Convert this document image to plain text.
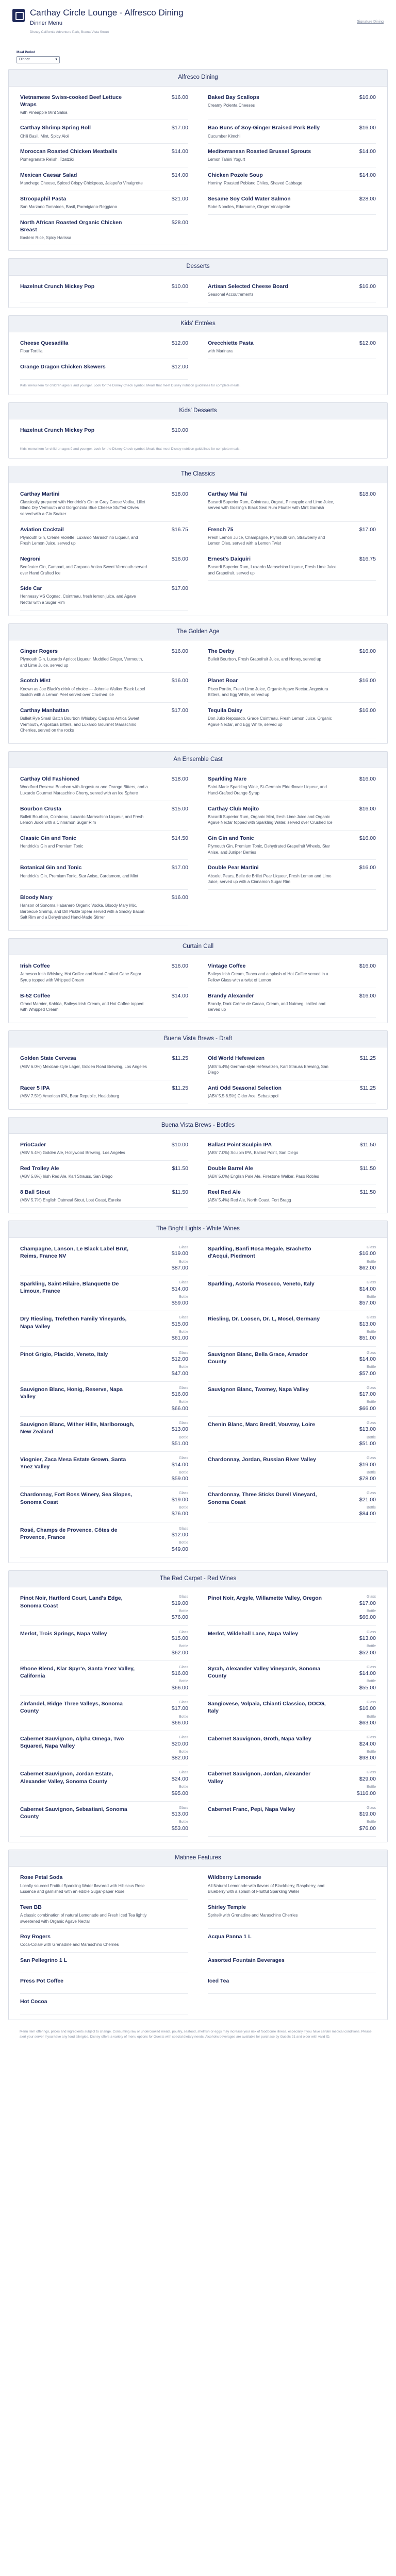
Carthay Circle Lounge - Alfresco Dining
Dinner Menu
Disney California Adventure Park, Buena Vista Street
Signature Dining
Meal Period
Dinner	▾
Alfresco Dining
Vietnamese Swiss-cooked Beef Lettuce Wraps
$16.00
with Pineapple Mint Salsa
Baked Bay Scallops	$16.00
Creamy Polenta Cheeses
Carthay Shrimp Spring Roll	$17.00
Chili Basil, Mint, Spicy Aioli
Bao Buns of Soy-Ginger Braised Pork Belly	$16.00
Cucumber Kimchi
Moroccan Roasted Chicken Meatballs	$14.00
Pomegranate Relish, Tzatziki
Mediterranean Roasted Brussel Sprouts	$14.00
Lemon Tahini Yogurt
Mexican Caesar Salad	$14.00
Manchego Cheese, Spiced Crispy Chickpeas, Jalapeño Vinaigrette
Chicken Pozole Soup	$14.00
Hominy, Roasted Poblano Chiles, Shaved Cabbage
Stroopaphil Pasta	$21.00
San Marzano Tomatoes, Basil, Parmigiano-Reggiano
Sesame Soy Cold Water Salmon	$28.00
Sobe Noodles, Edamame, Ginger Vinaigrette
North African Roasted Organic Chicken Breast
$28.00
Eastern Rice, Spicy Harissa
Desserts
Hazelnut Crunch Mickey Pop	$10.00	Artisan Selected Cheese Board	$16.00
Seasonal Accoutrements
Kids' Entrées
Cheese Quesadilla	$12.00
Flour Tortilla
Orecchiette Pasta	$12.00
with Marinara
Orange Dragon Chicken Skewers	$12.00
Kids' menu item for children ages 9 and younger. Look for the Disney Check symbol. Meals that meet Disney nutrition guidelines for complete meals.
Kids' Desserts
Hazelnut Crunch Mickey Pop	$10.00
Kids' menu item for children ages 9 and younger. Look for the Disney Check symbol. Meals that meet Disney nutrition guidelines for complete meals.
The Classics
Carthay Martini	$18.00
Classically prepared with Hendrick's Gin or Grey Goose Vodka, Lillet Blanc Dry Vermouth and Gorgonzola Blue Cheese Stuffed Olives served with a Gin Soaker
Carthay Mai Tai	$18.00
Bacardi Superior Rum, Cointreau, Orgeat, Pineapple and Lime Juice, served with Gosling's Black Seal Rum Floater with Mint Garnish
Aviation Cocktail	$16.75
Plymouth Gin, Crème Violette, Luxardo Maraschino Liqueur, and Fresh Lemon Juice, served up
French 75	$17.00
Fresh Lemon Juice, Champagne, Plymouth Gin, Strawberry and Lemon Oleo, served with a Lemon Twist
Negroni	$16.00
Beefeater Gin, Campari, and Carpano Antica Sweet Vermouth served over Hand Crafted Ice
Ernest's Daiquiri	$16.75
Bacardi Superior Rum, Luxardo Maraschino Liqueur, Fresh Lime Juice and Grapefruit, served up
Side Car	$17.00
Hennessy VS Cognac, Cointreau, fresh lemon juice, and Agave Nectar with a Sugar Rim
The Golden Age
Ginger Rogers	$16.00
Plymouth Gin, Luxardo Apricot Liqueur, Muddled Ginger, Vermouth, and Lime Juice, served up
The Derby	$16.00
Bulleit Bourbon, Fresh Grapefruit Juice, and Honey, served up
Scotch Mist	$16.00
Known as Joe Black's drink of choice — Johnnie Walker Black Label Scotch with a Lemon Peel served over Crushed Ice
Planet Roar	$16.00
Pisco Portón, Fresh Lime Juice, Organic Agave Nectar, Angostura Bitters, and Egg White, served up
Carthay Manhattan	$17.00
Bulleit Rye Small Batch Bourbon Whiskey, Carpano Antica Sweet Vermouth, Angostura Bitters, and Luxardo Gourmet Maraschino Cherries, served on the rocks
Tequila Daisy	$16.00
Don Julio Reposado, Grade Cointreau, Fresh Lemon Juice, Organic Agave Nectar, and Egg White, served up
An Ensemble Cast
Carthay Old Fashioned	$18.00
Woodford Reserve Bourbon with Angostura and Orange Bitters, and a Luxardo Gourmet Maraschino Cherry, served with an Ice Sphere
Sparkling Mare	$16.00
Saint-Marie Sparkling Wine, St-Germain Elderflower Liqueur, and Hand-Crafted Orange Syrup
Bourbon Crusta	$15.00
Bulleit Bourbon, Cointreau, Luxardo Maraschino Liqueur, and Fresh Lemon Juice with a Cinnamon Sugar Rim
Carthay Club Mojito	$16.00
Bacardi Superior Rum, Organic Mint, fresh Lime Juice and Organic Agave Nectar topped with Sparkling Water, served over Crushed Ice
Classic Gin and Tonic	$14.50
Hendrick's Gin and Premium Tonic
Gin Gin and Tonic	$16.00
Plymouth Gin, Premium Tonic, Dehydrated Grapefruit Wheels, Star Anise, and Juniper Berries
Botanical Gin and Tonic	$17.00
Hendrick's Gin, Premium Tonic, Star Anise, Cardamom, and Mint
Double Pear Martini	$16.00
Absolut Pears, Belle de Brillet Pear Liqueur, Fresh Lemon and Lime Juice, served up with a Cinnamon Sugar Rim
Bloody Mary	$16.00
Hanson of Sonoma Habanero Organic Vodka, Bloody Mary Mix, Barbecue Shrimp, and Dill Pickle Spear served with a Smoky Bacon Salt Rim and a Dehydrated Hand-Made Stirrer
Curtain Call
Irish Coffee	$16.00
Jameson Irish Whiskey, Hot Coffee and Hand-Crafted Cane Sugar Syrup topped with Whipped Cream
Vintage Coffee	$16.00
Baileys Irish Cream, Tuaca and a splash of Hot Coffee served in a Fellow Glass with a twist of Lemon
B-52 Coffee	$14.00
Grand Marnier, Kahlúa, Baileys Irish Cream, and Hot Coffee topped with Whipped Cream
Brandy Alexander	$16.00
Brandy, Dark Crème de Cacao, Cream, and Nutmeg, chilled and served up
Buena Vista Brews - Draft
Golden State Cervesa	$11.25
(ABV 6.0%) Mexican-style Lager, Golden Road Brewing, Los Angeles
Old World Hefeweizen	$11.25
(ABV 5.4%) German-style Hefeweizen, Karl Strauss Brewing, San Diego
Racer 5 IPA	$11.25
(ABV 7.5%) American IPA, Bear Republic, Healdsburg
Anti Odd Seasonal Selection	$11.25
(ABV 5.5-6.5%) Cider Ace, Sebastopol
Buena Vista Brews - Bottles
PrioCader	$10.00
(ABV 5.4%) Golden Ale, Hollywood Brewing, Los Angeles
Ballast Point Sculpin IPA	$11.50
(ABV 7.0%) Sculpin IPA, Ballast Point, San Diego
Red Trolley Ale	$11.50
(ABV 5.8%) Irish Red Ale, Karl Strauss, San Diego
Double Barrel Ale	$11.50
(ABV 5.0%) English Pale Ale, Firestone Walker, Paso Robles
8 Ball Stout	$11.50
(ABV 5.7%) English Oatmeal Stout, Lost Coast, Eureka
Reel Red Ale	$11.50
(ABV 5.4%) Red Ale, North Coast, Fort Bragg
The Bright Lights - White Wines
Champagne, Lanson, Le Black Label Brut, Reims, France NV
Glass
$19.00
Bottle
$87.00
Sparkling, Banfi Rosa Regale, Brachetto d'Acqui, Piedmont
Glass
$16.00
Bottle
$62.00
Sparkling, Saint-Hilaire, Blanquette De Limoux, France
Glass
$14.00
Bottle
$59.00
Sparkling, Astoria Prosecco, Veneto, Italy	Glass
$14.00
Bottle
$57.00
Dry Riesling, Trefethen Family Vineyards, Napa Valley
Glass
$15.00
Bottle
$61.00
Riesling, Dr. Loosen, Dr. L, Mosel, Germany	Glass
$13.00
Bottle
$51.00
Pinot Grigio, Placido, Veneto, Italy	Glass
$12.00
Bottle
$47.00
Sauvignon Blanc, Bella Grace, Amador County
Glass
$14.00
Bottle
$57.00
Sauvignon Blanc, Honig, Reserve, Napa Valley
Glass
$16.00
Bottle
$66.00
Sauvignon Blanc, Twomey, Napa Valley	Glass
$17.00
Bottle
$66.00
Sauvignon Blanc, Wither Hills, Marlborough, New Zealand
Glass
$13.00
Bottle
$51.00
Chenin Blanc, Marc Bredif, Vouvray, Loire	Glass
$13.00
Bottle
$51.00
Viognier, Zaca Mesa Estate Grown, Santa Ynez Valley
Glass
$14.00
Bottle
$59.00
Chardonnay, Jordan, Russian River Valley	Glass
$19.00
Bottle
$78.00
Chardonnay, Fort Ross Winery, Sea Slopes, Sonoma Coast
Glass
$19.00
Bottle
$76.00
Chardonnay, Three Sticks Durell Vineyard, Sonoma Coast
Glass
$21.00
Bottle
$84.00
Rosé, Champs de Provence, Côtes de Provence, France
Glass
$12.00
Bottle
$49.00
The Red Carpet - Red Wines
Pinot Noir, Hartford Court, Land's Edge, Sonoma Coast
Glass
$19.00
Bottle
$76.00
Pinot Noir, Argyle, Willamette Valley, Oregon	Glass
$17.00
Bottle
$66.00
Merlot, Trois Springs, Napa Valley	Glass
$15.00
Bottle
$62.00
Merlot, Wildehall Lane, Napa Valley	Glass
$13.00
Bottle
$52.00
Rhone Blend, Klar Spyr'e, Santa Ynez Valley, California
Glass
$16.00
Bottle
$66.00
Syrah, Alexander Valley Vineyards, Sonoma County
Glass
$14.00
Bottle
$55.00
Zinfandel, Ridge Three Valleys, Sonoma County
Glass
$17.00
Bottle
$66.00
Sangiovese, Volpaia, Chianti Classico, DOCG, Italy
Glass
$16.00
Bottle
$63.00
Cabernet Sauvignon, Alpha Omega, Two Squared, Napa Valley
Glass
$20.00
Bottle
$82.00
Cabernet Sauvignon, Groth, Napa Valley	Glass
$24.00
Bottle
$98.00
Cabernet Sauvignon, Jordan Estate, Alexander Valley, Sonoma County
Glass
$24.00
Bottle
$95.00
Cabernet Sauvignon, Jordan, Alexander Valley
Glass
$29.00
Bottle
$116.00
Cabernet Sauvignon, Sebastiani, Sonoma County
Glass
$13.00
Bottle
$53.00
Cabernet Franc, Pepi, Napa Valley	Glass
$19.00
Bottle
$76.00
Matinee Features
Rose Petal Soda
Locally sourced Fruitful Sparkling Water flavored with Hibiscus Rose Essence and garnished with an edible Sugar-paper Rose
Wildberry Lemonade
All Natural Lemonade with flavors of Blackberry, Raspberry, and Blueberry with a splash of Fruitful Sparkling Water
Teen BB
A classic combination of natural Lemonade and Fresh Iced Tea lightly sweetened with Organic Agave Nectar
Shirley Temple
Sprite® with Grenadine and Maraschino Cherries
Roy Rogers
Coca-Cola® with Grenadine and Maraschino Cherries
Acqua Panna 1 L
San Pellegrino 1 L	Assorted Fountain Beverages
Press Pot Coffee	Iced Tea
Hot Cocoa
Menu item offerings, prices and ingredients subject to change. Consuming raw or undercooked meats, poultry, seafood, shellfish or eggs may increase your risk of foodborne illness, especially if you have certain medical conditions. Please alert your server if you have any food allergies. Disney offers a variety of menu options for Guests with special dietary needs. Alcoholic beverages are available for purchase by Guests 21 and older with valid ID.
